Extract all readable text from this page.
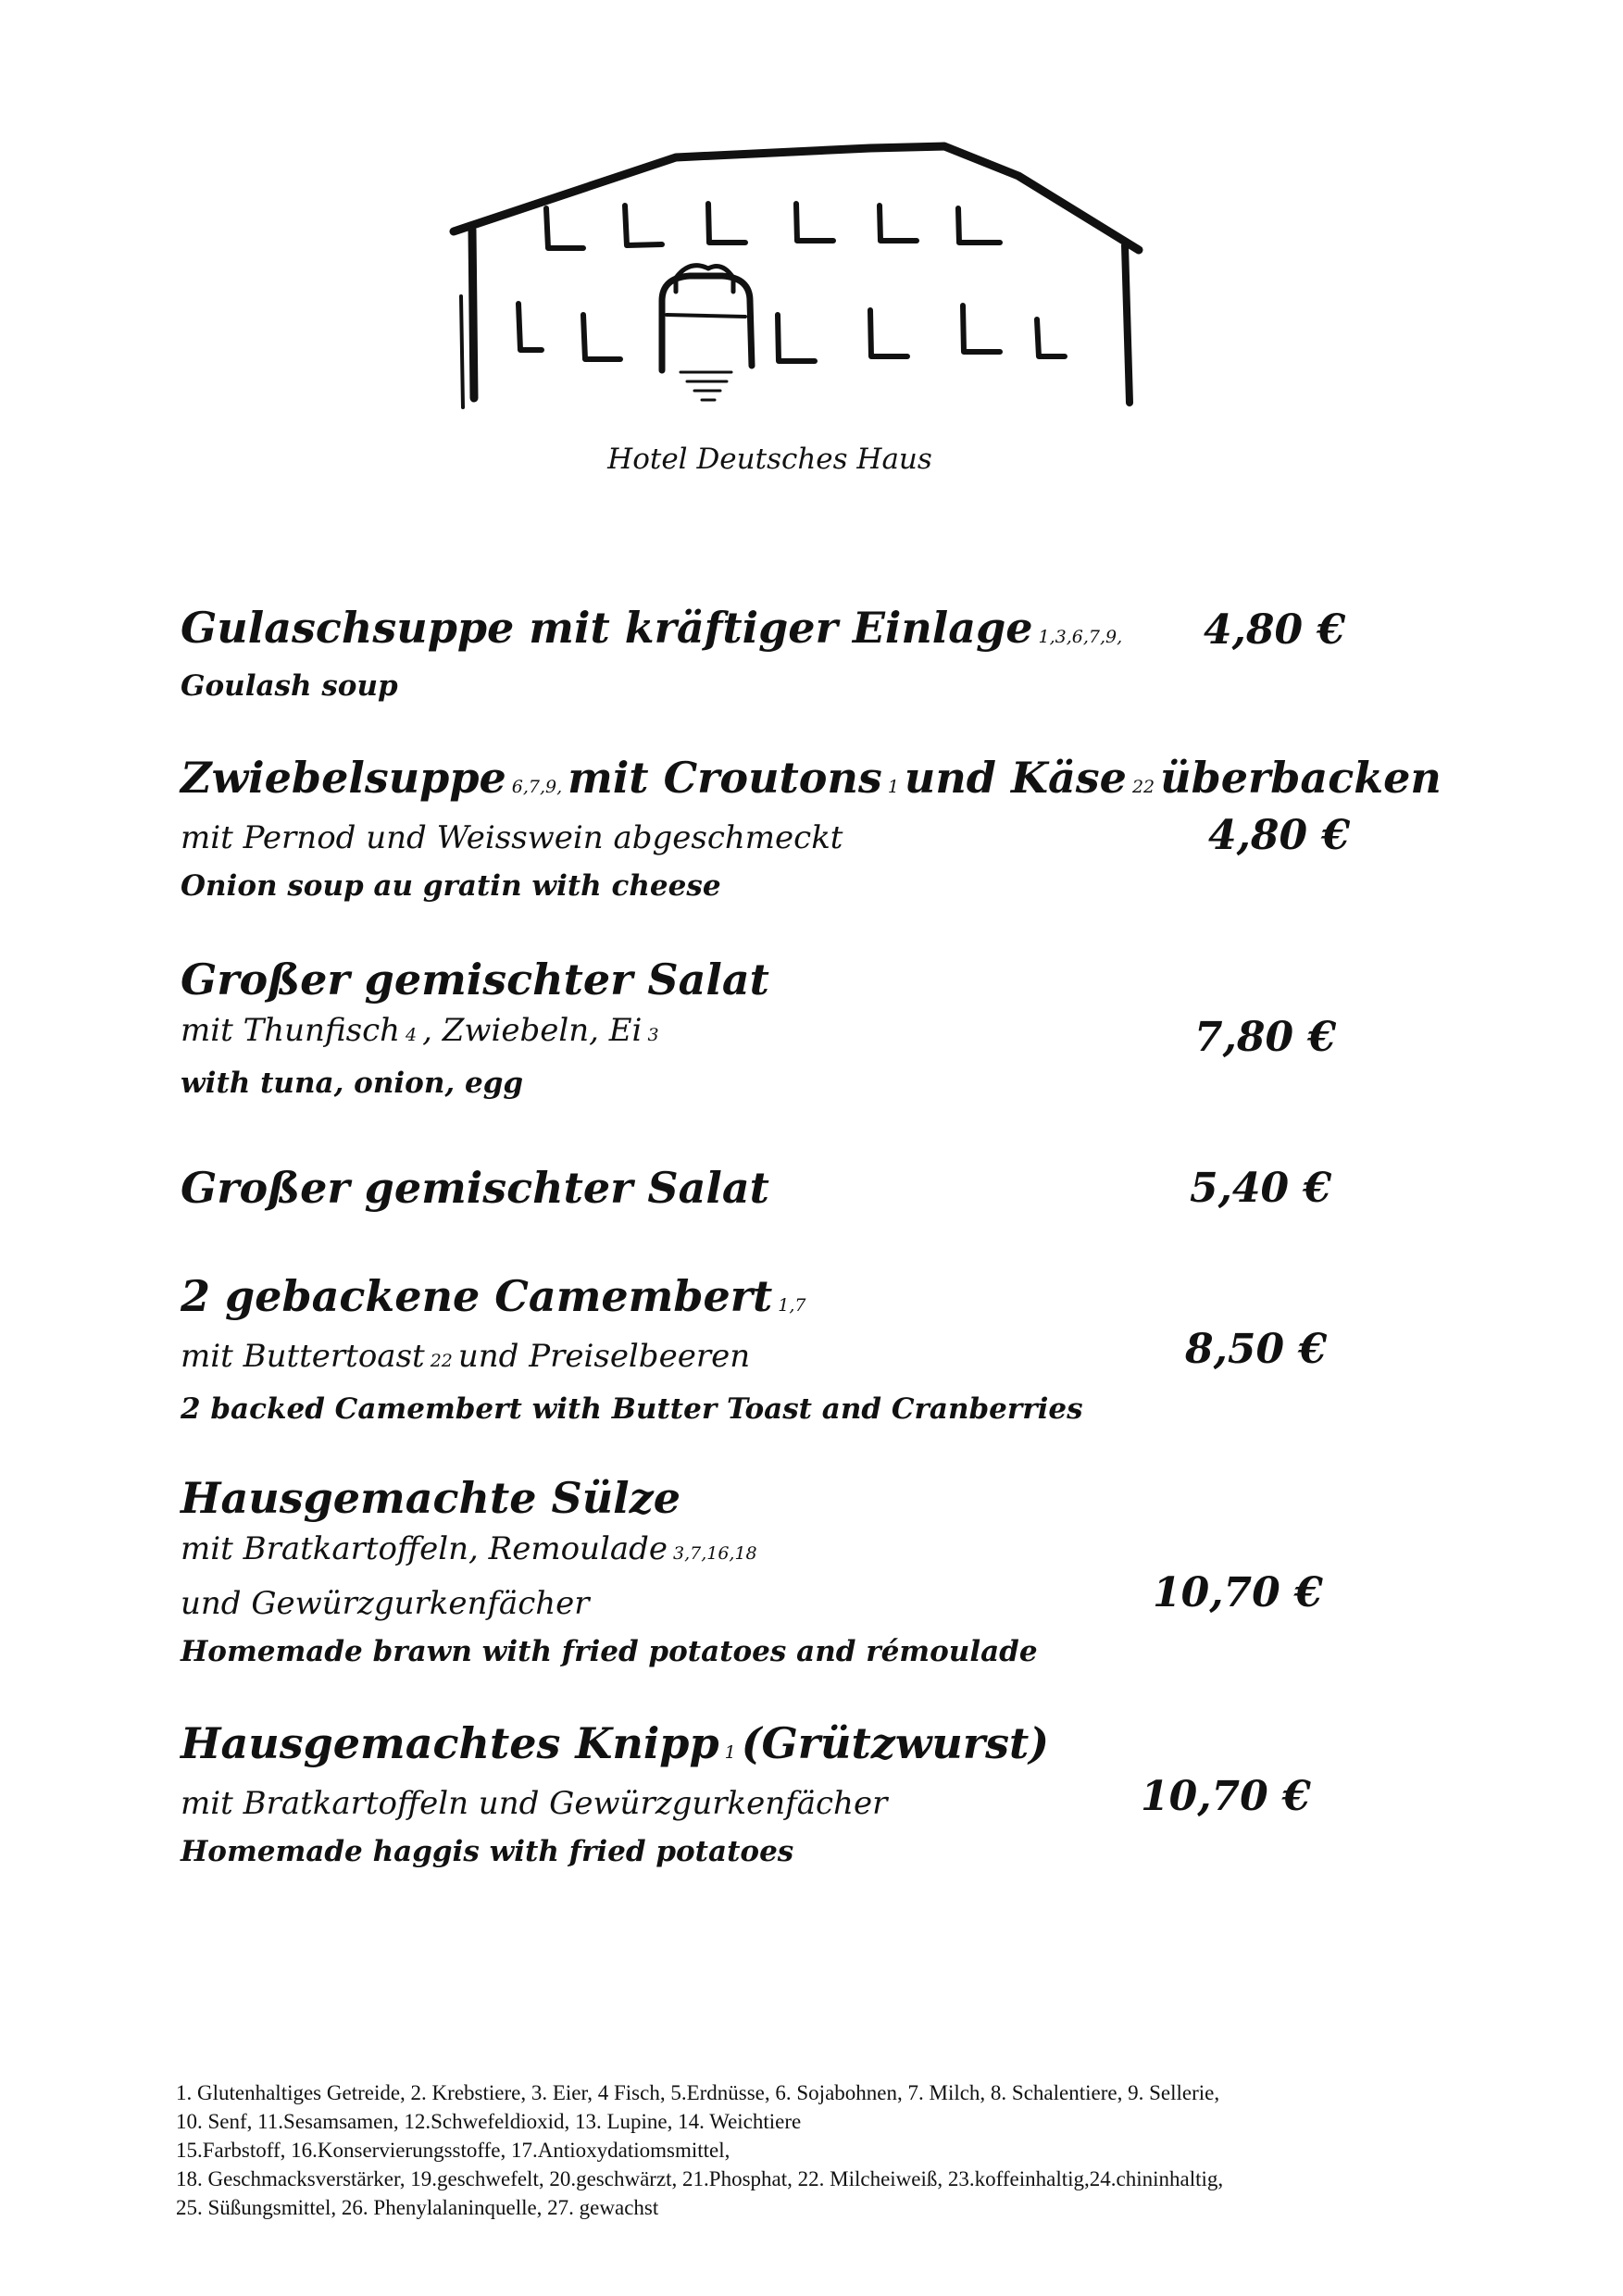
Hotel Deutsches Haus
Gulaschsuppe mit kräftiger Einlage 1,3,6,7,9,
Goulash soup
4,80 €
Zwiebelsuppe 6,7,9, mit Croutons 1 und Käse 22 überbacken
mit Pernod und Weisswein abgeschmeckt
Onion soup au gratin with cheese
4,80 €
Großer gemischter Salat
mit Thunfisch 4 , Zwiebeln, Ei 3
with tuna, onion, egg
7,80 €
Großer gemischter Salat	5,40 €
2 gebackene Camembert 1,7
mit Buttertoast 22 und Preiselbeeren
2 backed Camembert with Butter Toast and Cranberries
8,50 €
Hausgemachte Sülze
mit Bratkartoffeln, Remoulade 3,7,16,18
und Gewürzgurkenfächer
Homemade brawn with fried potatoes and rémoulade
10,70 €
Hausgemachtes Knipp 1 (Grützwurst)
mit Bratkartoffeln und Gewürzgurkenfächer
Homemade haggis with fried potatoes
10,70 €
1. Glutenhaltiges Getreide, 2. Krebstiere, 3. Eier, 4 Fisch, 5.Erdnüsse, 6. Sojabohnen, 7. Milch, 8. Schalentiere, 9. Sellerie,
10. Senf, 11.Sesamsamen, 12.Schwefeldioxid, 13. Lupine, 14. Weichtiere
15.Farbstoff, 16.Konservierungsstoffe, 17.Antioxydatiomsmittel,
18. Geschmacksverstärker, 19.geschwefelt, 20.geschwärzt, 21.Phosphat, 22. Milcheiweiß, 23.koffeinhaltig,24.chininhaltig,
25. Süßungsmittel, 26. Phenylalaninquelle, 27. gewachst
